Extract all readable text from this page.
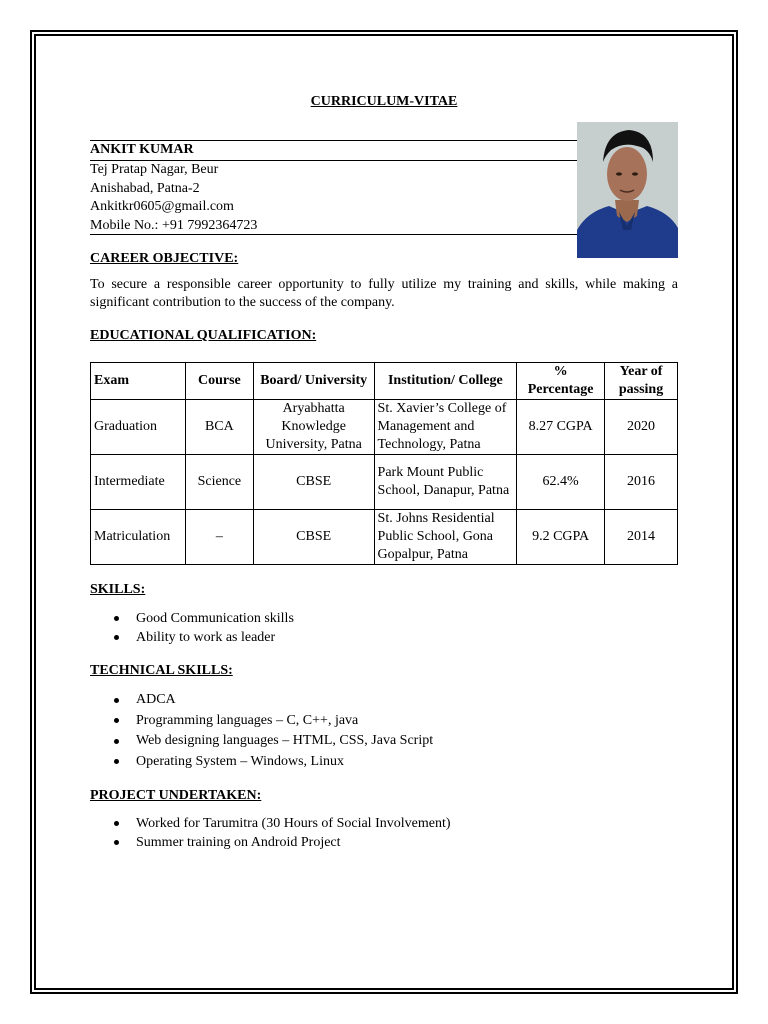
CURRICULUM-VITAE
ANKIT KUMAR
Tej Pratap Nagar, Beur
Anishabad, Patna-2
Ankitkr0605@gmail.com
Mobile No.: +91 7992364723
CAREER OBJECTIVE:
To secure a responsible career opportunity to fully utilize my training and skills, while making a significant contribution to the success of the company.
EDUCATIONAL QUALIFICATION:
Exam	Course	Board/ University	Institution/ College	% Percentage	Year of passing
Graduation	BCA	Aryabhatta Knowledge University, Patna	St. Xavier’s College of Management and Technology, Patna	8.27 CGPA	2020
Intermediate	Science	CBSE	Park Mount Public School, Danapur, Patna	62.4%	2016
Matriculation	–	CBSE	St. Johns Residential Public School, Gona Gopalpur, Patna	9.2 CGPA	2014
SKILLS:
Good Communication skills
Ability to work as leader
TECHNICAL SKILLS:
ADCA
Programming languages – C, C++, java
Web designing languages – HTML, CSS, Java Script
Operating System – Windows, Linux
PROJECT UNDERTAKEN:
Worked for Tarumitra (30 Hours of Social Involvement)
Summer training on Android Project
